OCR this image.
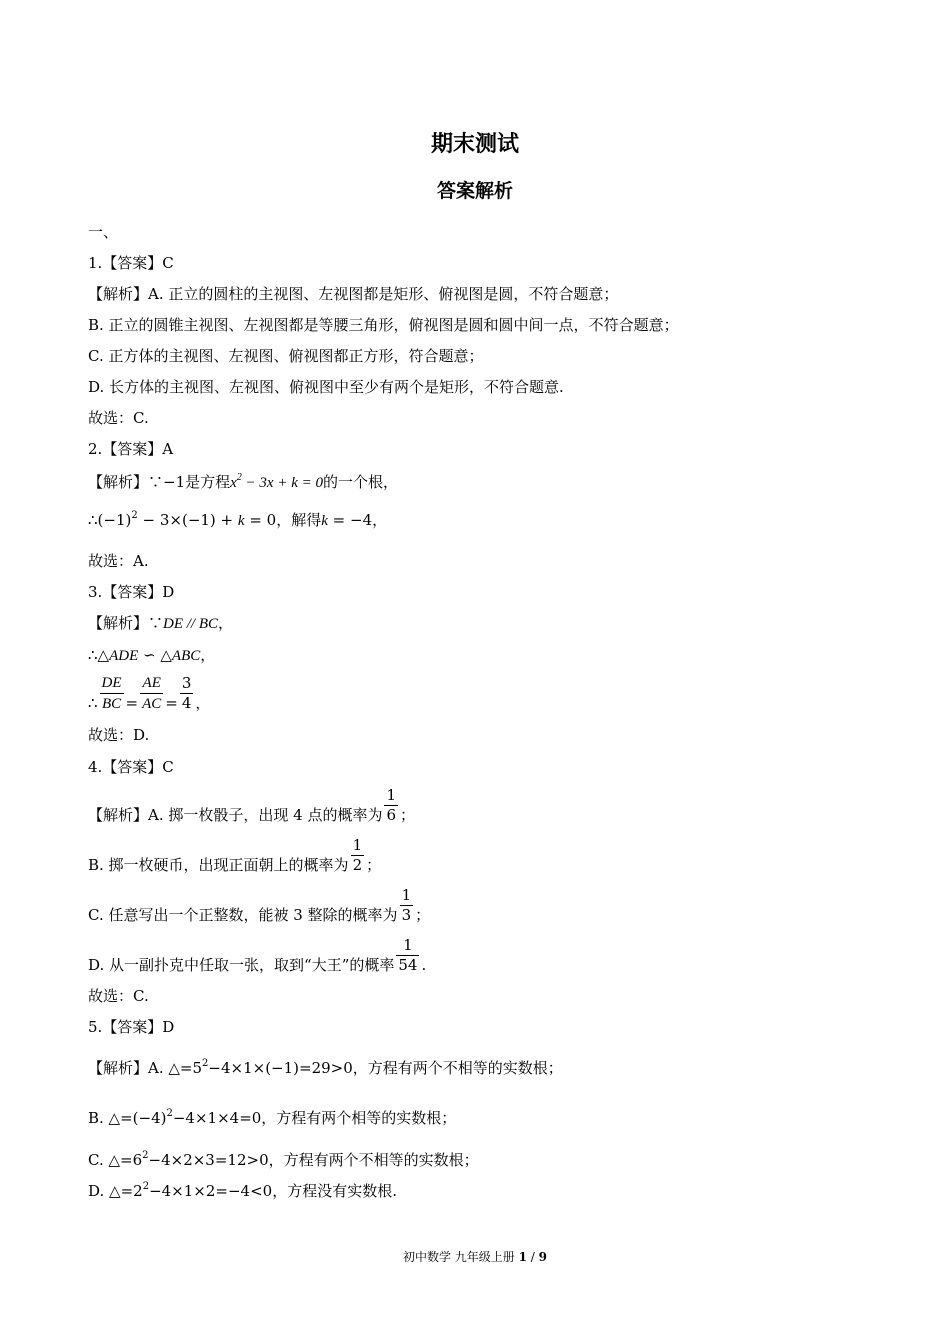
期末测试
答案解析
一、
1.【答案】C
【解析】A. 正立的圆柱的主视图、左视图都是矩形、俯视图是圆，不符合题意；
B. 正立的圆锥主视图、左视图都是等腰三角形，俯视图是圆和圆中间一点，不符合题意；
C. 正方体的主视图、左视图、俯视图都正方形，符合题意；
D. 长方体的主视图、左视图、俯视图中至少有两个是矩形，不符合题意.
故选：C.
2.【答案】A
【解析】∵−1是方程$x^2 - 3x + k = 0$的一个根，
$\therefore(-1)^2 - 3\times(-1) + k = 0$，解得k = −4，
故选：A.
3.【答案】D
【解析】∵DE // BC，
∴△ADE ∽ △ABC，
∴ $\frac{DE}{BC} = \frac{AE}{AC} = \frac{3}{4}$ ，
故选：D.
4.【答案】C
【解析】A. 掷一枚骰子，出现 4 点的概率为 $\frac{1}{6}$ ；
B. 掷一枚硬币，出现正面朝上的概率为 $\frac{1}{2}$ ；
C. 任意写出一个正整数，能被 3 整除的概率为 $\frac{1}{3}$ ；
D. 从一副扑克中任取一张，取到“大王”的概率 $\frac{1}{54}$ .
故选：C.
5.【答案】D
【解析】A. $\triangle=5^2-4\times 1\times(-1)=29>0$，方程有两个不相等的实数根；
B. $\triangle=(-4)^2-4\times 1\times 4=0$，方程有两个相等的实数根；
C. $\triangle=6^2-4\times 2\times 3=12>0$，方程有两个不相等的实数根；
D. $\triangle=2^2-4\times 1\times 2=-4<0$，方程没有实数根.
初中数学 九年级上册 1 / 9
